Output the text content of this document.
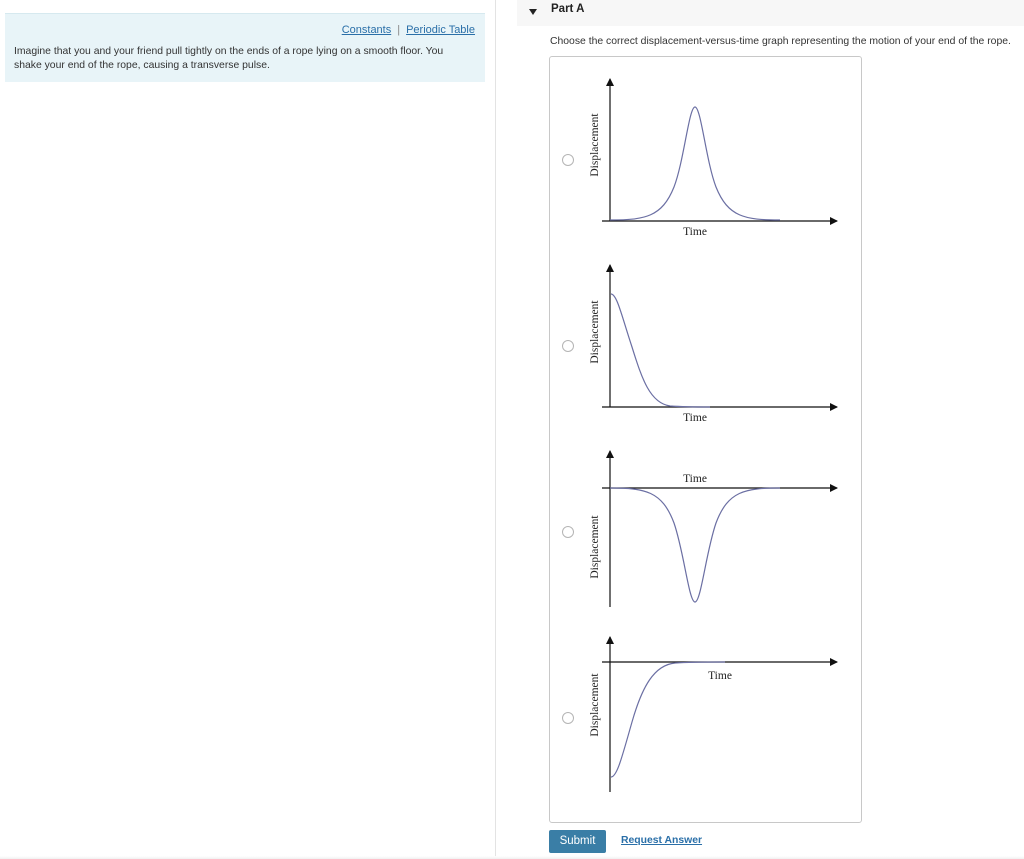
Constants | Periodic Table
Imagine that you and your friend pull tightly on the ends of a rope lying on a smooth floor. You shake your end of the rope, causing a transverse pulse.
Part A
Choose the correct displacement-versus-time graph representing the motion of your end of the rope.
Time
Displacement
Time
Displacement
Time
Displacement
Time
Displacement
Submit	Request Answer
